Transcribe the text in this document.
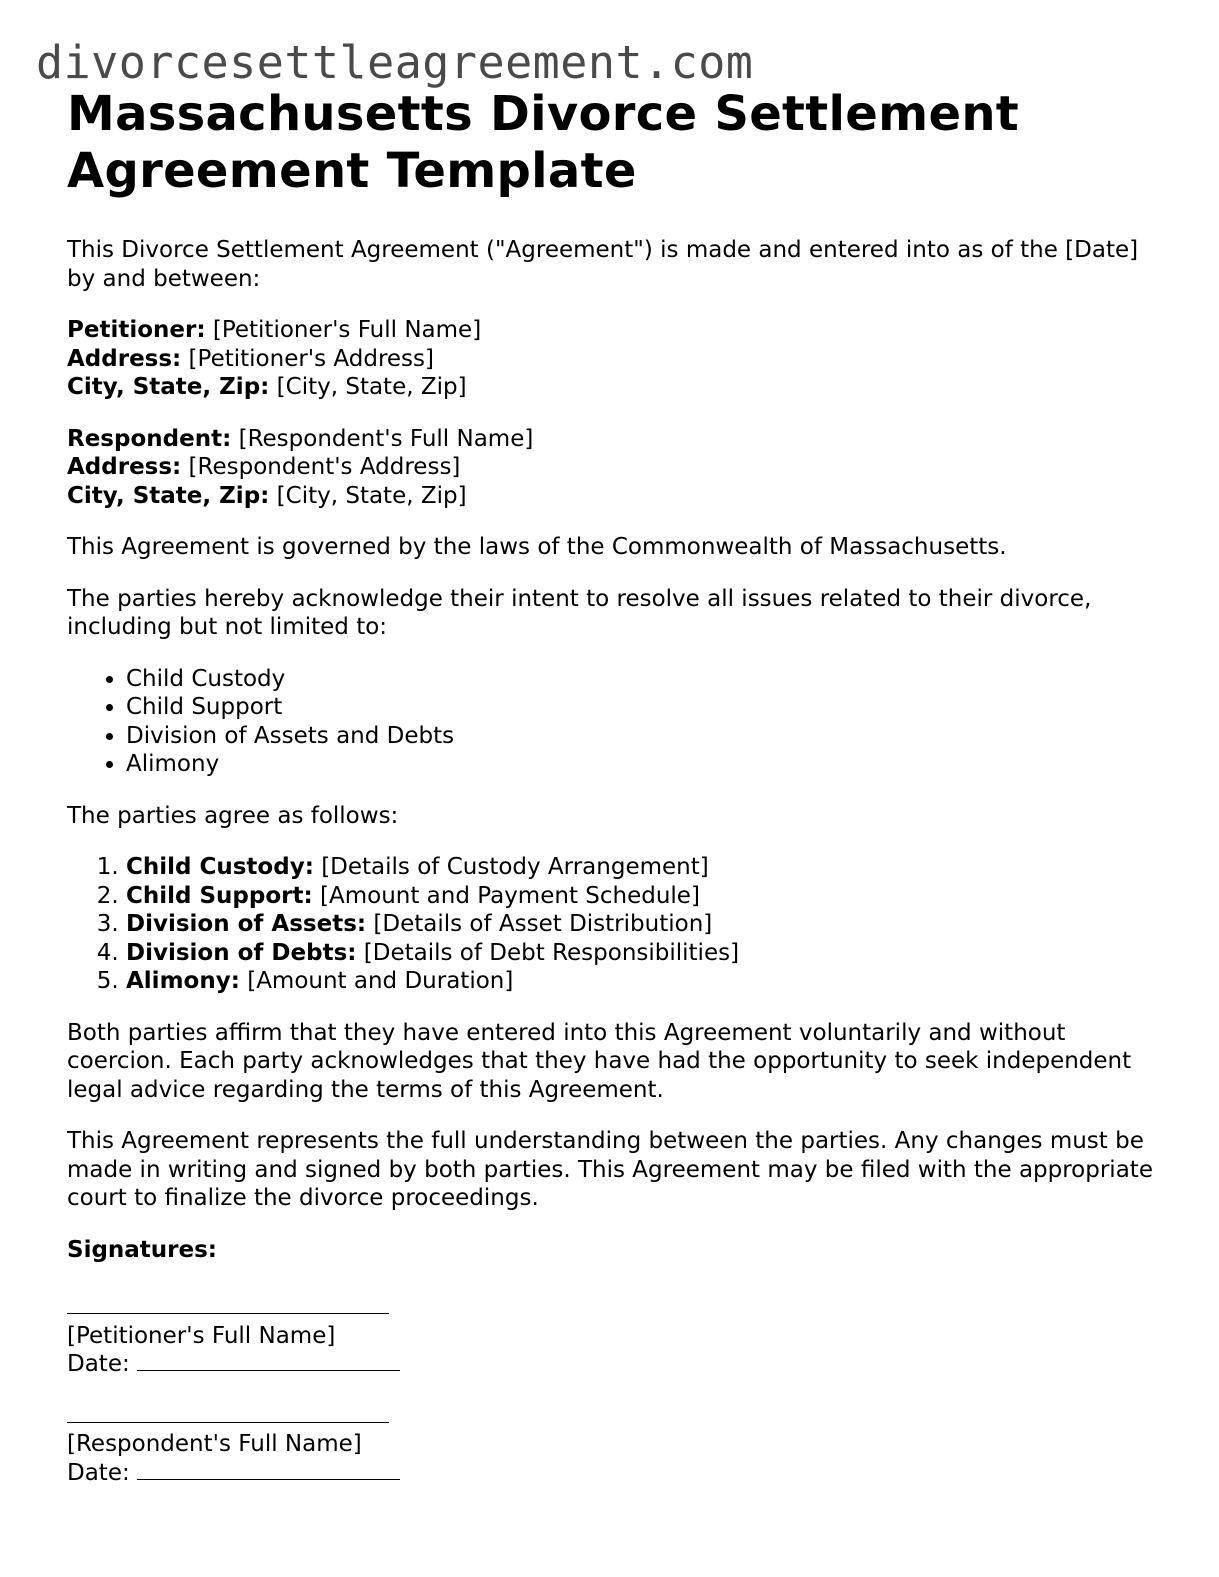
divorcesettleagreement.com
Massachusetts Divorce Settlement Agreement Template

This Divorce Settlement Agreement ("Agreement") is made and entered into as of the [Date] by and between:

Petitioner: [Petitioner's Full Name]
Address: [Petitioner's Address]
City, State, Zip: [City, State, Zip]

Respondent: [Respondent's Full Name]
Address: [Respondent's Address]
City, State, Zip: [City, State, Zip]

This Agreement is governed by the laws of the Commonwealth of Massachusetts.

The parties hereby acknowledge their intent to resolve all issues related to their divorce, including but not limited to:

• Child Custody
• Child Support
• Division of Assets and Debts
• Alimony

The parties agree as follows:

1. Child Custody: [Details of Custody Arrangement]
2. Child Support: [Amount and Payment Schedule]
3. Division of Assets: [Details of Asset Distribution]
4. Division of Debts: [Details of Debt Responsibilities]
5. Alimony: [Amount and Duration]

Both parties affirm that they have entered into this Agreement voluntarily and without coercion. Each party acknowledges that they have had the opportunity to seek independent legal advice regarding the terms of this Agreement.

This Agreement represents the full understanding between the parties. Any changes must be made in writing and signed by both parties. This Agreement may be filed with the appropriate court to finalize the divorce proceedings.

Signatures:

[Petitioner's Full Name]
Date:

[Respondent's Full Name]
Date:
